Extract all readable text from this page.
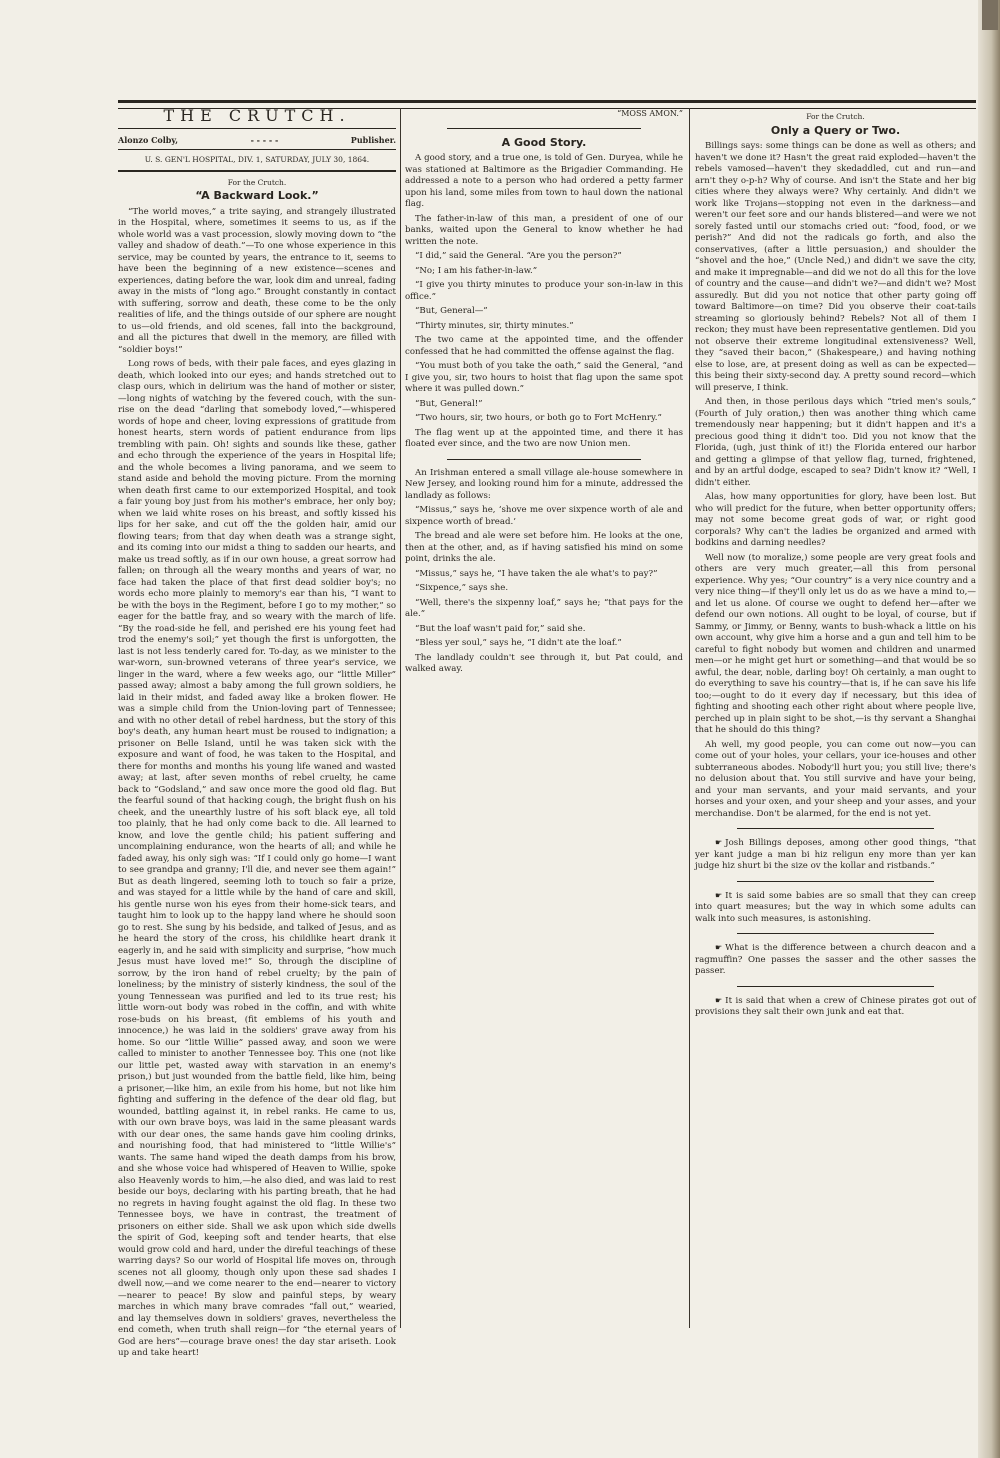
THE CRUTCH.
Alonzo Colby,	- - - - -	Publisher.
U. S. GEN'L HOSPITAL, DIV. 1, SATURDAY, JULY 30, 1864.
For the Crutch.
“A Backward Look.”

“The world moves,” a trite saying, and strangely illustrated in the Hospital, where, sometimes it seems to us, as if the whole world was a vast procession, slowly moving down to “the valley and shadow of death.”—To one whose experience in this service, may be counted by years, the entrance to it, seems to have been the beginning of a new existence—scenes and experiences, dating before the war, look dim and unreal, fading away in the mists of “long ago.” Brought constantly in contact with suffering, sorrow and death, these come to be the only realities of life, and the things outside of our sphere are nought to us—old friends, and old scenes, fall into the background, and all the pictures that dwell in the memory, are filled with “soldier boys!”

Long rows of beds, with their pale faces, and eyes glazing in death, which looked into our eyes; and hands stretched out to clasp ours, which in delirium was the hand of mother or sister,—long nights of watching by the fevered couch, with the sun-rise on the dead “darling that somebody loved,”—whispered words of hope and cheer, loving expressions of gratitude from honest hearts, stern words of patient endurance from lips trembling with pain. Oh! sights and sounds like these, gather and echo through the experience of the years in Hospital life; and the whole becomes a living panorama, and we seem to stand aside and behold the moving picture. From the morning when death first came to our extemporized Hospital, and took a fair young boy just from his mother's embrace, her only boy; when we laid white roses on his breast, and softly kissed his lips for her sake, and cut off the the golden hair, amid our flowing tears; from that day when death was a strange sight, and its coming into our midst a thing to sadden our hearts, and make us tread softly, as if in our own house, a great sorrow had fallen; on through all the weary months and years of war, no face had taken the place of that first dead soldier boy's; no words echo more plainly to memory's ear than his, “I want to be with the boys in the Regiment, before I go to my mother,” so eager for the battle fray, and so weary with the march of life. “By the road-side he fell, and perished ere his young feet had trod the enemy's soil;” yet though the first is unforgotten, the last is not less tenderly cared for. To-day, as we minister to the war-worn, sun-browned veterans of three year's service, we linger in the ward, where a few weeks ago, our “little Miller” passed away; almost a baby among the full grown soldiers, he laid in their midst, and faded away like a broken flower. He was a simple child from the Union-loving part of Tennessee; and with no other detail of rebel hardness, but the story of this boy's death, any human heart must be roused to indignation; a prisoner on Belle Island, until he was taken sick with the exposure and want of food, he was taken to the Hospital, and there for months and months his young life waned and wasted away; at last, after seven months of rebel cruelty, he came back to “Godsland,” and saw once more the good old flag. But the fearful sound of that hacking cough, the bright flush on his cheek, and the unearthly lustre of his soft black eye, all told too plainly, that he had only come back to die. All learned to know, and love the gentle child; his patient suffering and uncomplaining endurance, won the hearts of all; and while he faded away, his only sigh was: “If I could only go home—I want to see grandpa and granny; I'll die, and never see them again!” But as death lingered, seeming loth to touch so fair a prize, and was stayed for a little while by the hand of care and skill, his gentle nurse won his eyes from their home-sick tears, and taught him to look up to the happy land where he should soon go to rest. She sung by his bedside, and talked of Jesus, and as he heard the story of the cross, his childlike heart drank it eagerly in, and he said with simplicity and surprise, “how much Jesus must have loved me!” So, through the discipline of sorrow, by the iron hand of rebel cruelty; by the pain of loneliness; by the ministry of sisterly kindness, the soul of the young Tennessean was purified and led to its true rest; his little worn-out body was robed in the coffin, and with white rose-buds on his breast, (fit emblems of his youth and innocence,) he was laid in the soldiers' grave away from his home. So our “little Willie” passed away, and soon we were called to minister to another Tennessee boy. This one (not like our little pet, wasted away with starvation in an enemy's prison,) but just wounded from the battle field, like him, being a prisoner,—like him, an exile from his home, but not like him fighting and suffering in the defence of the dear old flag, but wounded, battling against it, in rebel ranks. He came to us, with our own brave boys, was laid in the same pleasant wards with our dear ones, the same hands gave him cooling drinks, and nourishing food, that had ministered to “little Willie's” wants. The same hand wiped the death damps from his brow, and she whose voice had whispered of Heaven to Willie, spoke also Heavenly words to him,—he also died, and was laid to rest beside our boys, declaring with his parting breath, that he had no regrets in having fought against the old flag. In these two Tennessee boys, we have in contrast, the treatment of prisoners on either side. Shall we ask upon which side dwells the spirit of God, keeping soft and tender hearts, that else would grow cold and hard, under the direful teachings of these warring days? So our world of Hospital life moves on, through scenes not all gloomy, though only upon these sad shades I dwell now,—and we come nearer to the end—nearer to victory—nearer to peace! By slow and painful steps, by weary marches in which many brave comrades “fall out,” wearied, and lay themselves down in soldiers' graves, nevertheless the end cometh, when truth shall reign—for “the eternal years of God are hers”—courage brave ones! the day star ariseth. Look up and take heart!

“MOSS AMON.”
A Good Story.

A good story, and a true one, is told of Gen. Duryea, while he was stationed at Baltimore as the Brigadier Commanding. He addressed a note to a person who had ordered a petty farmer upon his land, some miles from town to haul down the national flag.

The father-in-law of this man, a president of one of our banks, waited upon the General to know whether he had written the note.

“I did,” said the General. “Are you the person?”

“No; I am his father-in-law.”

“I give you thirty minutes to produce your son-in-law in this office.”

“But, General—”

“Thirty minutes, sir, thirty minutes.”

The two came at the appointed time, and the offender confessed that he had committed the offense against the flag.

“You must both of you take the oath,” said the General, “and I give you, sir, two hours to hoist that flag upon the same spot where it was pulled down.”

“But, General!”

“Two hours, sir, two hours, or both go to Fort McHenry.”

The flag went up at the appointed time, and there it has floated ever since, and the two are now Union men.

An Irishman entered a small village ale-house somewhere in New Jersey, and looking round him for a minute, addressed the landlady as follows:

“Missus,” says he, ‘shove me over sixpence worth of ale and sixpence worth of bread.’

The bread and ale were set before him. He looks at the one, then at the other, and, as if having satisfied his mind on some point, drinks the ale.

“Missus,” says he, “I have taken the ale what's to pay?”

“Sixpence,” says she.

“Well, there's the sixpenny loaf,” says he; “that pays for the ale.”

“But the loaf wasn't paid for,” said she.

“Bless yer soul,” says he, “I didn't ate the loaf.”

The landlady couldn't see through it, but Pat could, and walked away.

For the Crutch.
Only a Query or Two.

Billings says: some things can be done as well as others; and haven't we done it? Hasn't the great raid exploded—haven't the rebels vamosed—haven't they skedaddled, cut and run—and arn't they o-p-h? Why of course. And isn't the State and her big cities where they always were? Why certainly. And didn't we work like Trojans—stopping not even in the darkness—and weren't our feet sore and our hands blistered—and were we not sorely fasted until our stomachs cried out: “food, food, or we perish?” And did not the radicals go forth, and also the conservatives, (after a little persuasion,) and shoulder the “shovel and the hoe,” (Uncle Ned,) and didn't we save the city, and make it impregnable—and did we not do all this for the love of country and the cause—and didn't we?—and didn't we? Most assuredly. But did you not notice that other party going off toward Baltimore—on time? Did you observe their coat-tails streaming so gloriously behind? Rebels? Not all of them I reckon; they must have been representative gentlemen. Did you not observe their extreme longitudinal extensiveness? Well, they “saved their bacon,” (Shakespeare,) and having nothing else to lose, are, at present doing as well as can be expected—this being their sixty-second day. A pretty sound record—which will preserve, I think.

And then, in those perilous days which “tried men's souls,” (Fourth of July oration,) then was another thing which came tremendously near happening; but it didn't happen and it's a precious good thing it didn't too. Did you not know that the Florida, (ugh, just think of it!) the Florida entered our harbor and getting a glimpse of that yellow flag, turned, frightened, and by an artful dodge, escaped to sea? Didn't know it? “Well, I didn't either.

Alas, how many opportunities for glory, have been lost. But who will predict for the future, when better opportunity offers; may not some become great gods of war, or right good corporals? Why can't the ladies be organized and armed with bodkins and darning needles?

Well now (to moralize,) some people are very great fools and others are very much greater,—all this from personal experience. Why yes; “Our country” is a very nice country and a very nice thing—if they'll only let us do as we have a mind to,—and let us alone. Of course we ought to defend her—after we defend our own notions. All ought to be loyal, of course, but if Sammy, or Jimmy, or Benny, wants to bush-whack a little on his own account, why give him a horse and a gun and tell him to be careful to fight nobody but women and children and unarmed men—or he might get hurt or something—and that would be so awful, the dear, noble, darling boy! Oh certainly, a man ought to do everything to save his country—that is, if he can save his life too;—ought to do it every day if necessary, but this idea of fighting and shooting each other right about where people live, perched up in plain sight to be shot,—is thy servant a Shanghai that he should do this thing?

Ah well, my good people, you can come out now—you can come out of your holes, your cellars, your ice-houses and other subterraneous abodes. Nobody'll hurt you; you still live; there's no delusion about that. You still survive and have your being, and your man servants, and your maid servants, and your horses and your oxen, and your sheep and your asses, and your merchandise. Don't be alarmed, for the end is not yet.

☛ Josh Billings deposes, among other good things, “that yer kant judge a man bi hiz religun eny more than yer kan judge hiz shurt bi the size ov the kollar and ristbands.”

☛ It is said some babies are so small that they can creep into quart measures; but the way in which some adults can walk into such measures, is astonishing.

☛ What is the difference between a church deacon and a ragmuffin? One passes the sasser and the other sasses the passer.

☛ It is said that when a crew of Chinese pirates got out of provisions they salt their own junk and eat that.
